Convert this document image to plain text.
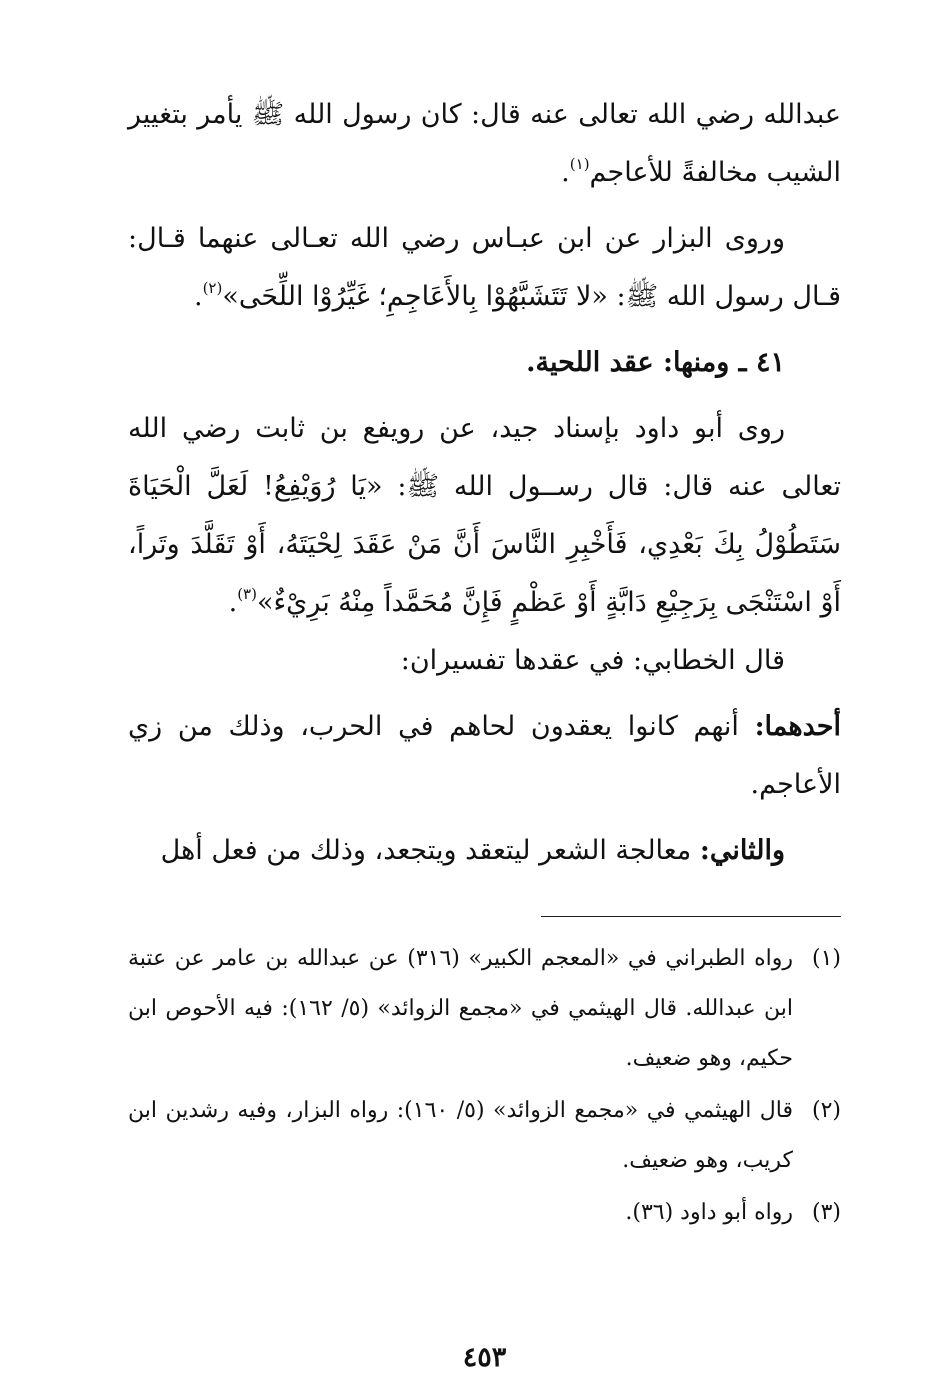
عبدالله رضي الله تعالى عنه قال: كان رسول الله ﷺ يأمر بتغيير الشيب مخالفةً للأعاجم$^{(١)}$.

وروى البزار عن ابن عبـاس رضي الله تعـالى عنهما قـال: قـال رسول الله ﷺ: «لا تَتَشَبَّهُوْا بِالأَعَاجِمِ؛ غَيِّرُوْا اللِّحَى»$^{(٢)}$.

٤١ ـ ومنها: عقد اللحية.

روى أبو داود بإسناد جيد، عن رويفع بن ثابت رضي الله تعالى عنه قال: قال رســول الله ﷺ: «يَا رُوَيْفِعُ! لَعَلَّ الْحَيَاةَ سَتَطُوْلُ بِكَ بَعْدِي، فَأَخْبِرِ النَّاسَ أَنَّ مَنْ عَقَدَ لِحْيَتَهُ، أَوْ تَقَلَّدَ وتَراً، أَوْ اسْتَنْجَى بِرَجِيْعِ دَابَّةٍ أَوْ عَظْمٍ فَإِنَّ مُحَمَّداً مِنْهُ بَرِيْءٌ»$^{(٣)}$.

قال الخطابي: في عقدها تفسيران:

أحدهما: أنهم كانوا يعقدون لحاهم في الحرب، وذلك من زي الأعاجم.

والثاني: معالجة الشعر ليتعقد ويتجعد، وذلك من فعل أهل

(١)
رواه الطبراني في «المعجم الكبير» (٣١٦) عن عبدالله بن عامر عن عتبة ابن عبدالله. قال الهيثمي في «مجمع الزوائد» (٥/ ١٦٢): فيه الأحوص ابن حكيم، وهو ضعيف.

(٢)
قال الهيثمي في «مجمع الزوائد» (٥/ ١٦٠): رواه البزار، وفيه رشدين ابن كريب، وهو ضعيف.

(٣)
رواه أبو داود (٣٦).

٤٥٣
